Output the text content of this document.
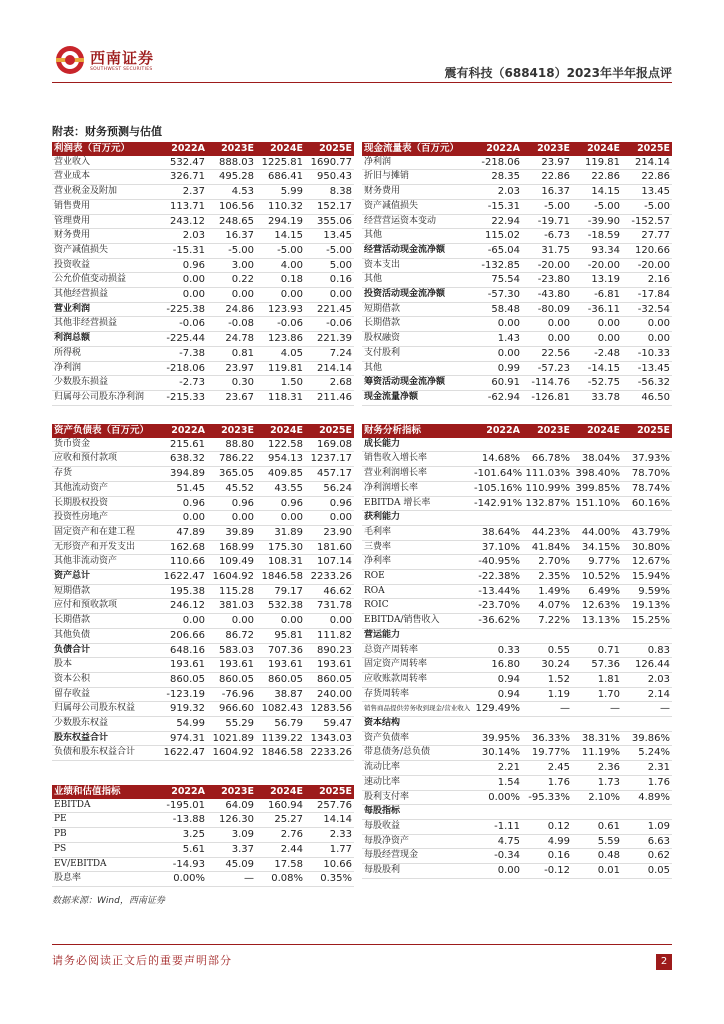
西南证券
SOUTHWEST SECURITIES	震有科技（688418）2023年半年报点评
附表：财务预测与估值
利润表（百万元）	2022A	2023E	2024E	2025E
营业收入	532.47	888.03	1225.81	1690.77
营业成本	326.71	495.28	686.41	950.43
营业税金及附加	2.37	4.53	5.99	8.38
销售费用	113.71	106.56	110.32	152.17
管理费用	243.12	248.65	294.19	355.06
财务费用	2.03	16.37	14.15	13.45
资产减值损失	-15.31	-5.00	-5.00	-5.00
投资收益	0.96	3.00	4.00	5.00
公允价值变动损益	0.00	0.22	0.18	0.16
其他经营损益	0.00	0.00	0.00	0.00
营业利润	-225.38	24.86	123.93	221.45
其他非经营损益	-0.06	-0.08	-0.06	-0.06
利润总额	-225.44	24.78	123.86	221.39
所得税	-7.38	0.81	4.05	7.24
净利润	-218.06	23.97	119.81	214.14
少数股东损益	-2.73	0.30	1.50	2.68
归属母公司股东净利润	-215.33	23.67	118.31	211.46
现金流量表（百万元）	2022A	2023E	2024E	2025E
净利润	-218.06	23.97	119.81	214.14
折旧与摊销	28.35	22.86	22.86	22.86
财务费用	2.03	16.37	14.15	13.45
资产减值损失	-15.31	-5.00	-5.00	-5.00
经营营运资本变动	22.94	-19.71	-39.90	-152.57
其他	115.02	-6.73	-18.59	27.77
经营活动现金流净额	-65.04	31.75	93.34	120.66
资本支出	-132.85	-20.00	-20.00	-20.00
其他	75.54	-23.80	13.19	2.16
投资活动现金流净额	-57.30	-43.80	-6.81	-17.84
短期借款	58.48	-80.09	-36.11	-32.54
长期借款	0.00	0.00	0.00	0.00
股权融资	1.43	0.00	0.00	0.00
支付股利	0.00	22.56	-2.48	-10.33
其他	0.99	-57.23	-14.15	-13.45
筹资活动现金流净额	60.91	-114.76	-52.75	-56.32
现金流量净额	-62.94	-126.81	33.78	46.50
资产负债表（百万元）	2022A	2023E	2024E	2025E
货币资金	215.61	88.80	122.58	169.08
应收和预付款项	638.32	786.22	954.13	1237.17
存货	394.89	365.05	409.85	457.17
其他流动资产	51.45	45.52	43.55	56.24
长期股权投资	0.96	0.96	0.96	0.96
投资性房地产	0.00	0.00	0.00	0.00
固定资产和在建工程	47.89	39.89	31.89	23.90
无形资产和开发支出	162.68	168.99	175.30	181.60
其他非流动资产	110.66	109.49	108.31	107.14
资产总计	1622.47	1604.92	1846.58	2233.26
短期借款	195.38	115.28	79.17	46.62
应付和预收款项	246.12	381.03	532.38	731.78
长期借款	0.00	0.00	0.00	0.00
其他负债	206.66	86.72	95.81	111.82
负债合计	648.16	583.03	707.36	890.23
股本	193.61	193.61	193.61	193.61
资本公积	860.05	860.05	860.05	860.05
留存收益	-123.19	-76.96	38.87	240.00
归属母公司股东权益	919.32	966.60	1082.43	1283.56
少数股东权益	54.99	55.29	56.79	59.47
股东权益合计	974.31	1021.89	1139.22	1343.03
负债和股东权益合计	1622.47	1604.92	1846.58	2233.26
财务分析指标	2022A	2023E	2024E	2025E
成长能力				
销售收入增长率	14.68%	66.78%	38.04%	37.93%
营业利润增长率	-101.64%	111.03%	398.40%	78.70%
净利润增长率	-105.16%	110.99%	399.85%	78.74%
EBITDA 增长率	-142.91%	132.87%	151.10%	60.16%
获利能力				
毛利率	38.64%	44.23%	44.00%	43.79%
三费率	37.10%	41.84%	34.15%	30.80%
净利率	-40.95%	2.70%	9.77%	12.67%
ROE	-22.38%	2.35%	10.52%	15.94%
ROA	-13.44%	1.49%	6.49%	9.59%
ROIC	-23.70%	4.07%	12.63%	19.13%
EBITDA/销售收入	-36.62%	7.22%	13.13%	15.25%
营运能力				
总资产周转率	0.33	0.55	0.71	0.83
固定资产周转率	16.80	30.24	57.36	126.44
应收账款周转率	0.94	1.52	1.81	2.03
存货周转率	0.94	1.19	1.70	2.14
销售商品提供劳务收到现金/营业收入	129.49%	—	—	—
资本结构				
资产负债率	39.95%	36.33%	38.31%	39.86%
带息债务/总负债	30.14%	19.77%	11.19%	5.24%
流动比率	2.21	2.45	2.36	2.31
速动比率	1.54	1.76	1.73	1.76
股利支付率	0.00%	-95.33%	2.10%	4.89%
每股指标				
每股收益	-1.11	0.12	0.61	1.09
每股净资产	4.75	4.99	5.59	6.63
每股经营现金	-0.34	0.16	0.48	0.62
每股股利	0.00	-0.12	0.01	0.05
业绩和估值指标	2022A	2023E	2024E	2025E
EBITDA	-195.01	64.09	160.94	257.76
PE	-13.88	126.30	25.27	14.14
PB	3.25	3.09	2.76	2.33
PS	5.61	3.37	2.44	1.77
EV/EBITDA	-14.93	45.09	17.58	10.66
股息率	0.00%	—	0.08%	0.35%
数据来源：Wind，西南证券
请务必阅读正文后的重要声明部分	2
